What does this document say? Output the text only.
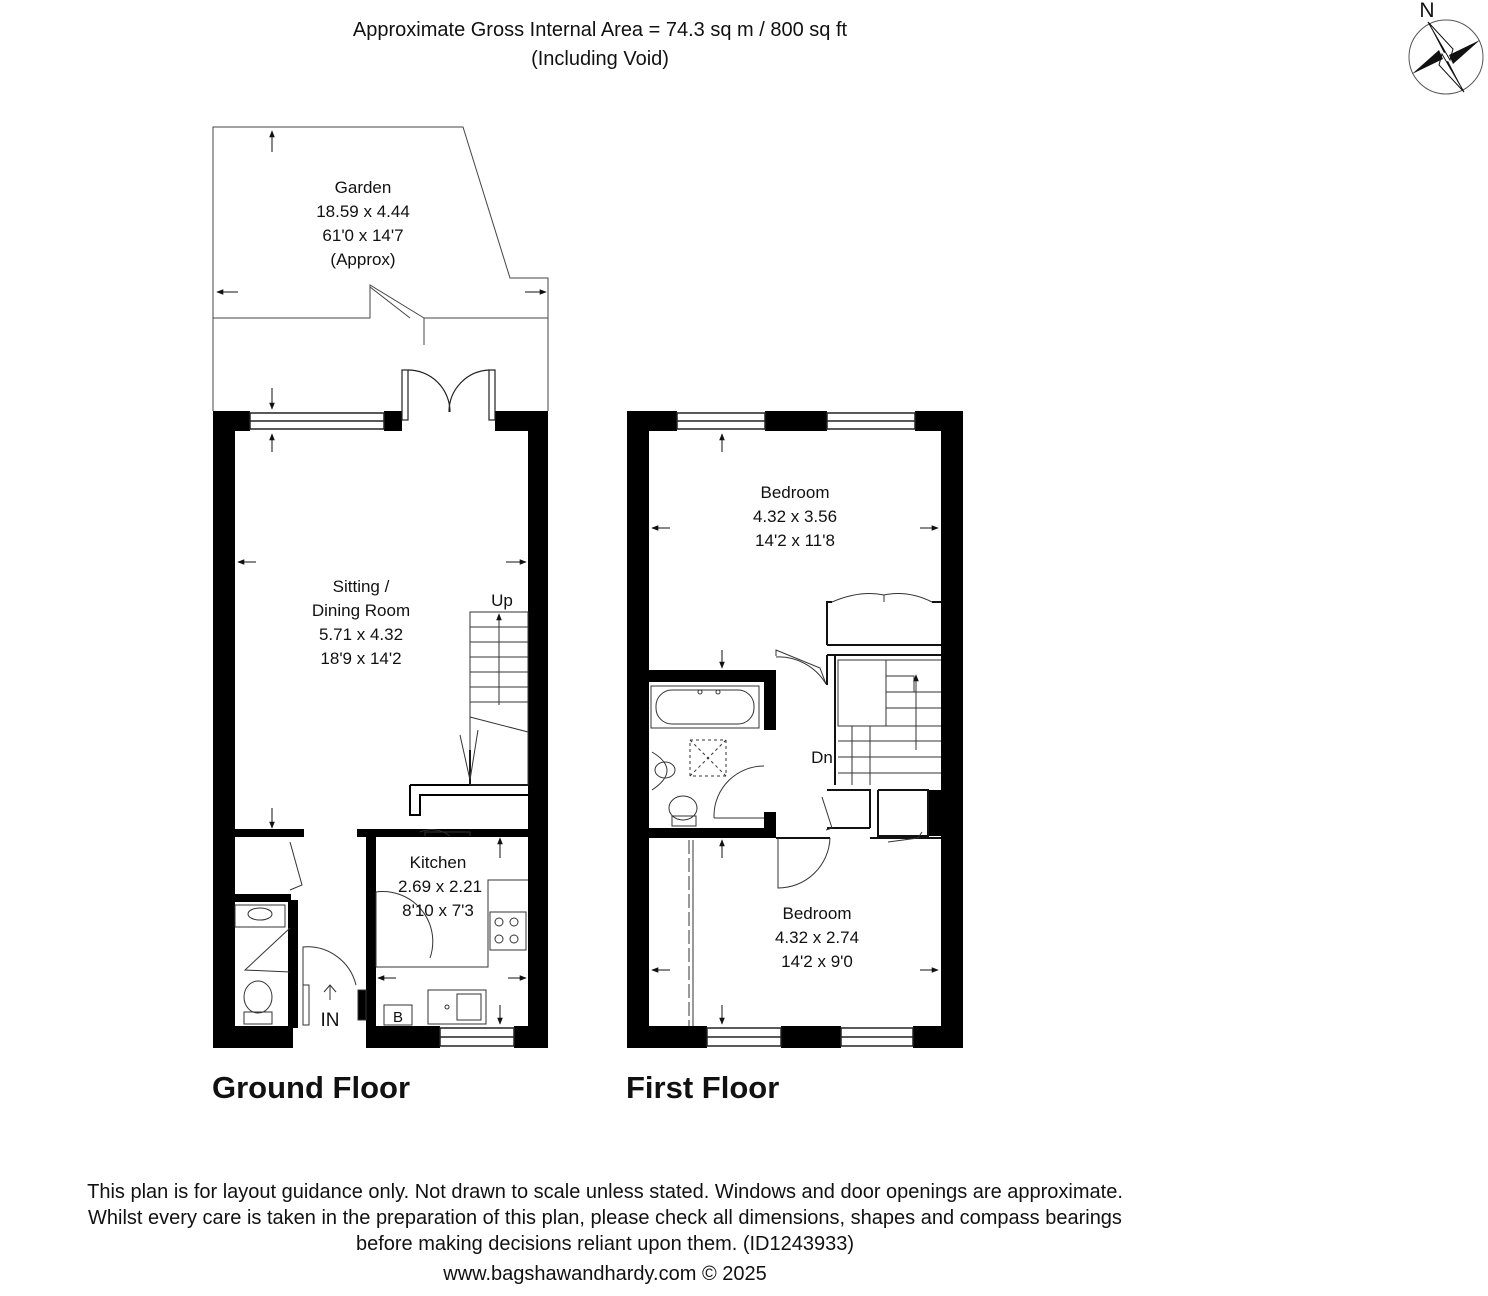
Approximate Gross Internal Area = 74.3 sq m / 800 sq ft
(Including Void)
N
Up
IN	B
Garden
18.59 x 4.44
61'0 x 14'7
(Approx)
Sitting /
Dining Room
5.71 x 4.32
18'9 x 14'2
Kitchen
2.69 x 2.21
8'10 x 7'3
Dn
Bedroom
4.32 x 3.56
14'2 x 11'8
Bedroom
4.32 x 2.74
14'2 x 9'0
Ground Floor	First Floor
This plan is for layout guidance only. Not drawn to scale unless stated. Windows and door openings are approximate.
Whilst every care is taken in the preparation of this plan, please check all dimensions, shapes and compass bearings
before making decisions reliant upon them. (ID1243933)
www.bagshawandhardy.com © 2025
